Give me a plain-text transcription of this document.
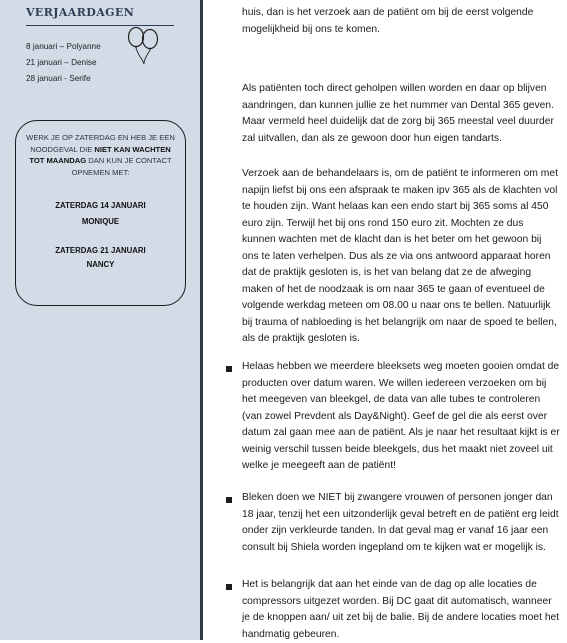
VERJAARDAGEN
8 januari – Polyanne
21 januari – Denise
28 januari - Serife

WERK JE OP ZATERDAG EN HEB JE EEN NOODGEVAL DIE NIET KAN WACHTEN TOT MAANDAG DAN KUN JE CONTACT OPNEMEN MET:

ZATERDAG 14 JANUARI

MONIQUE

ZATERDAG 21 JANUARI

NANCY

huis, dan is het verzoek aan de patiënt om bij de eerst volgende mogelijkheid bij ons te komen.

Als patiënten toch direct geholpen willen worden en daar op blijven aandringen, dan kunnen jullie ze het nummer van Dental 365 geven. Maar vermeld heel duidelijk dat de zorg bij 365 meestal veel duurder zal uitvallen, dan als ze gewoon door hun eigen tandarts.

Verzoek aan de behandelaars is, om de patiënt te informeren om met napijn liefst bij ons een afspraak te maken ipv 365 als de klachten vol te houden zijn. Want helaas kan een endo start bij 365 soms al 450 euro zijn. Terwijl het bij ons rond 150 euro zit. Mochten ze dus kunnen wachten met de klacht dan is het beter om het gewoon bij ons te laten verhelpen. Dus als ze via ons antwoord apparaat horen dat de praktijk gesloten is, is het van belang dat ze de afweging maken of het de noodzaak is om naar 365 te gaan of eventueel de volgende werkdag meteen om 08.00 u naar ons te bellen. Natuurlijk bij trauma of nabloeding is het belangrijk om naar de spoed te bellen, als de praktijk gesloten is.

Helaas hebben we meerdere bleeksets weg moeten gooien omdat de producten over datum waren. We willen iedereen verzoeken om bij het meegeven van bleekgel, de data van alle tubes te controleren (van zowel Prevdent als Day&Night). Geef de gel die als eerst over datum zal gaan mee aan de patiënt. Als je naar het resultaat kijkt is er weinig verschil tussen beide bleekgels, dus het maakt niet zoveel uit welke je meegeeft aan de patiënt!

Bleken doen we NIET bij zwangere vrouwen of personen jonger dan 18 jaar, tenzij het een uitzonderlijk geval betreft en de patiënt erg leidt onder zijn verkleurde tanden. In dat geval mag er vanaf 16 jaar een consult bij Shiela worden ingepland om te kijken wat er mogelijk is.

Het is belangrijk dat aan het einde van de dag op alle locaties de compressors uitgezet worden. Bij DC gaat dit automatisch, wanneer je de knoppen aan/ uit zet bij de balie. Bij de andere locaties moet het handmatig gebeuren.
